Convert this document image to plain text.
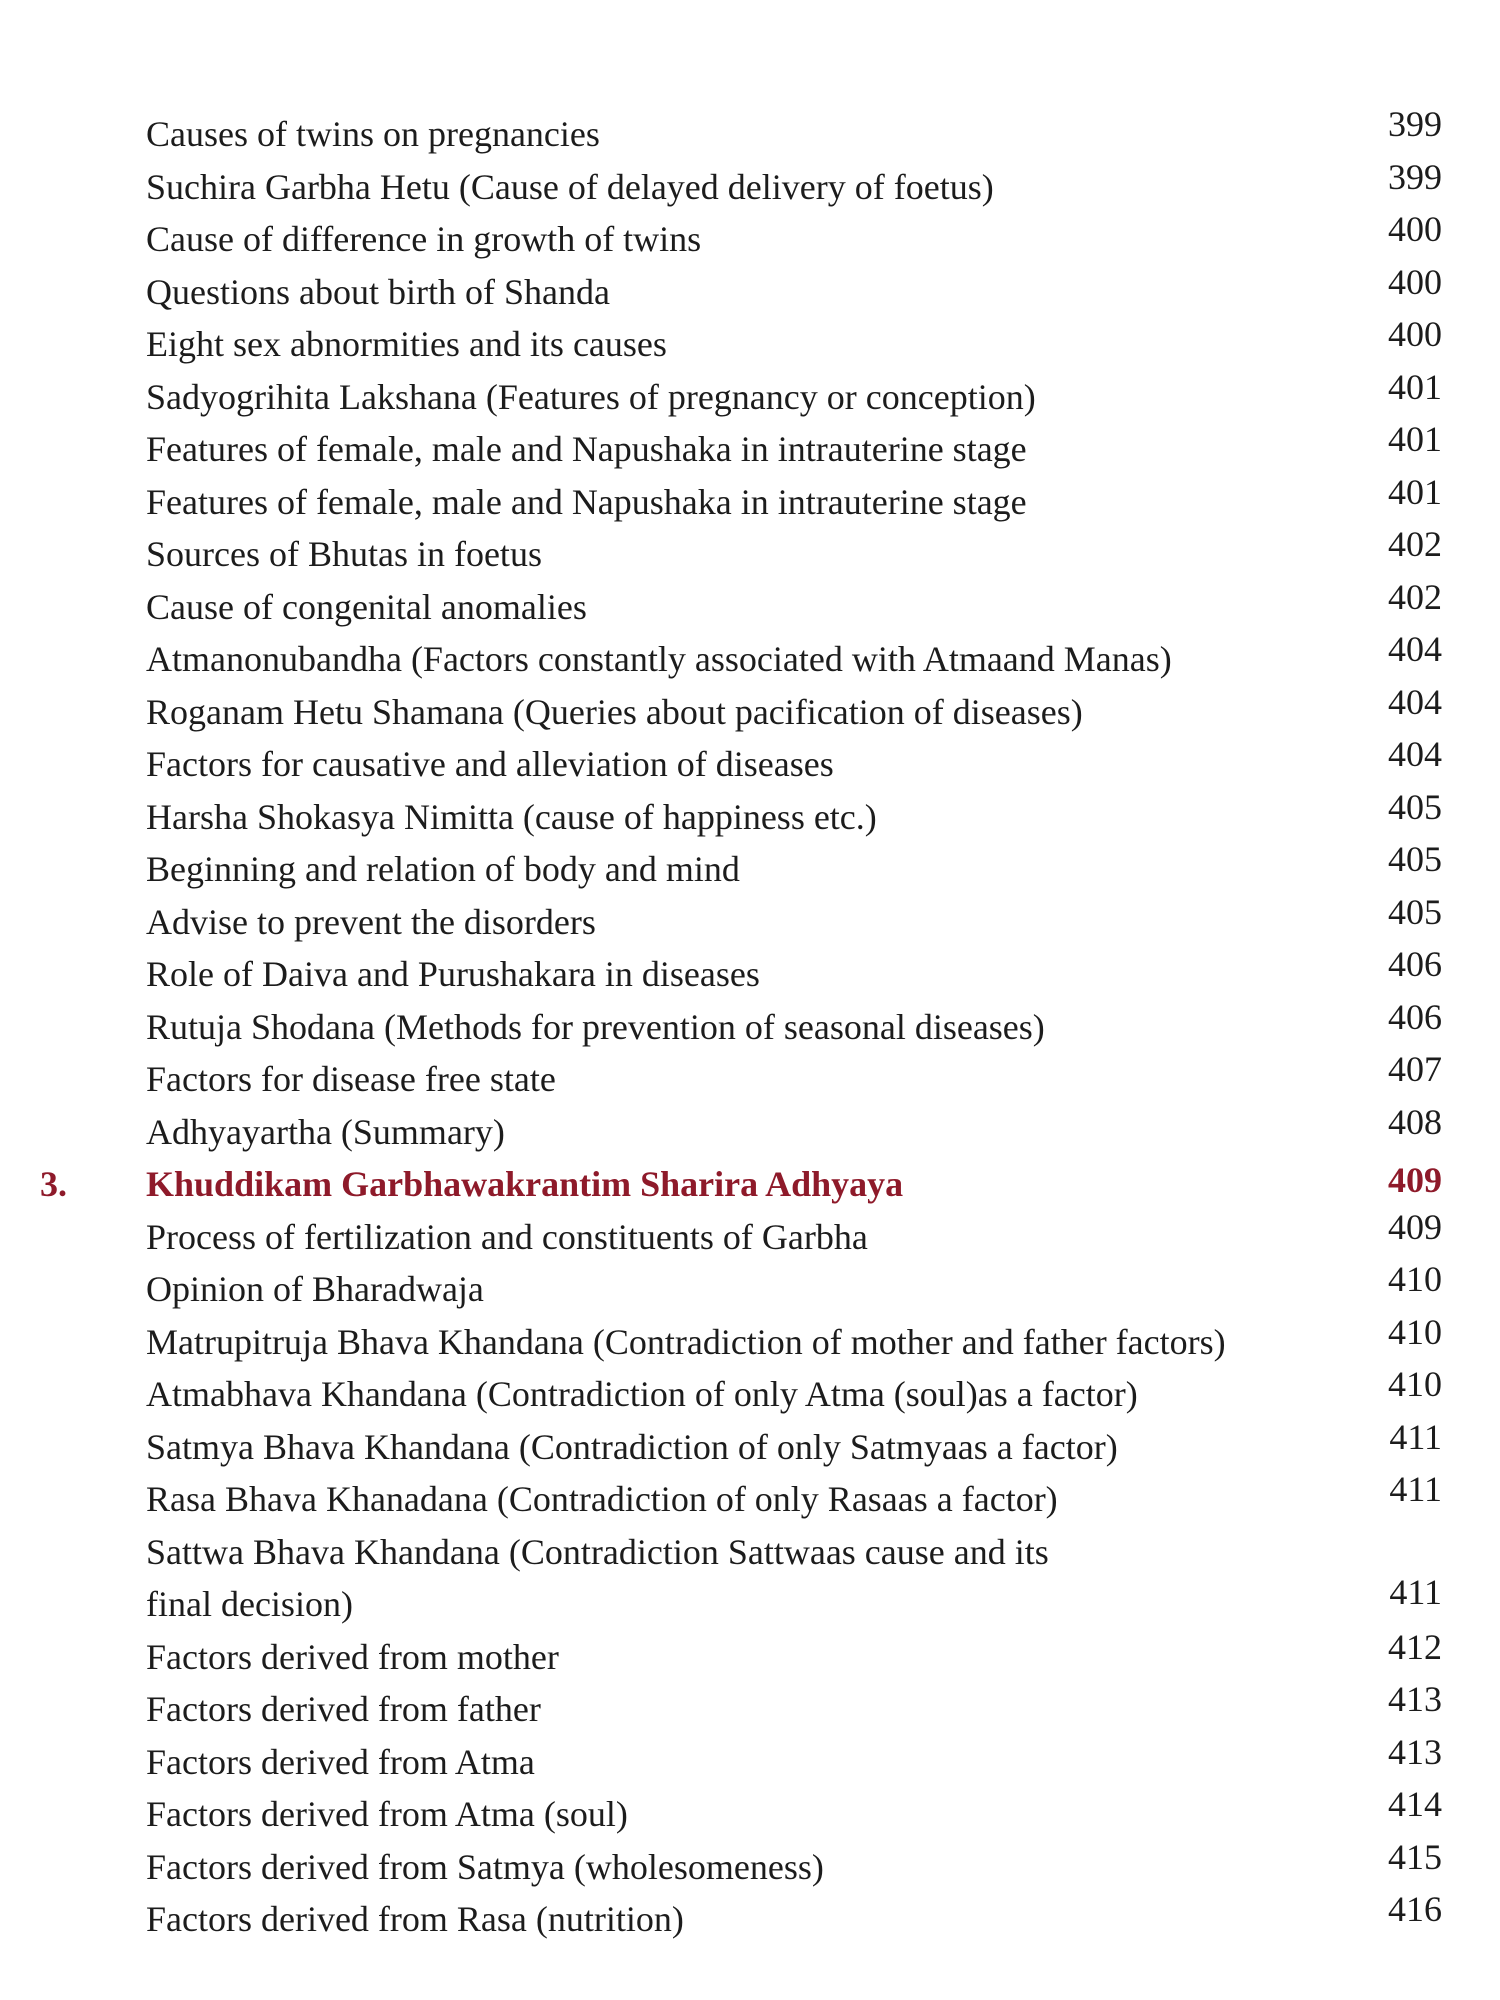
Causes of twins on pregnancies	399
Suchira Garbha Hetu (Cause of delayed delivery of foetus)	399
Cause of difference in growth of twins	400
Questions about birth of Shanda	400
Eight sex abnormities and its causes	400
Sadyogrihita Lakshana (Features of pregnancy or conception)	401
Features of female, male and Napushaka in intrauterine stage	401
Features of female, male and Napushaka in intrauterine stage	401
Sources of Bhutas in foetus	402
Cause of congenital anomalies	402
Atmanonubandha (Factors constantly associated with Atmaand Manas)	404
Roganam Hetu Shamana (Queries about pacification of diseases)	404
Factors for causative and alleviation of diseases	404
Harsha Shokasya Nimitta (cause of happiness etc.)	405
Beginning and relation of body and mind	405
Advise to prevent the disorders	405
Role of Daiva and Purushakara in diseases	406
Rutuja Shodana (Methods for prevention of seasonal diseases)	406
Factors for disease free state	407
Adhyayartha (Summary)	408
3. Khuddikam Garbhawakrantim Sharira Adhyaya	409
Process of fertilization and constituents of Garbha	409
Opinion of Bharadwaja	410
Matrupitruja Bhava Khandana (Contradiction of mother and father factors)	410
Atmabhava Khandana (Contradiction of only Atma (soul)as a factor)	410
Satmya Bhava Khandana (Contradiction of only Satmyaas a factor)	411
Rasa Bhava Khanadana (Contradiction of only Rasaas a factor)	411
Sattwa Bhava Khandana (Contradiction Sattwaas cause and its
final decision)	411
Factors derived from mother	412
Factors derived from father	413
Factors derived from Atma	413
Factors derived from Atma (soul)	414
Factors derived from Satmya (wholesomeness)	415
Factors derived from Rasa (nutrition)	416
